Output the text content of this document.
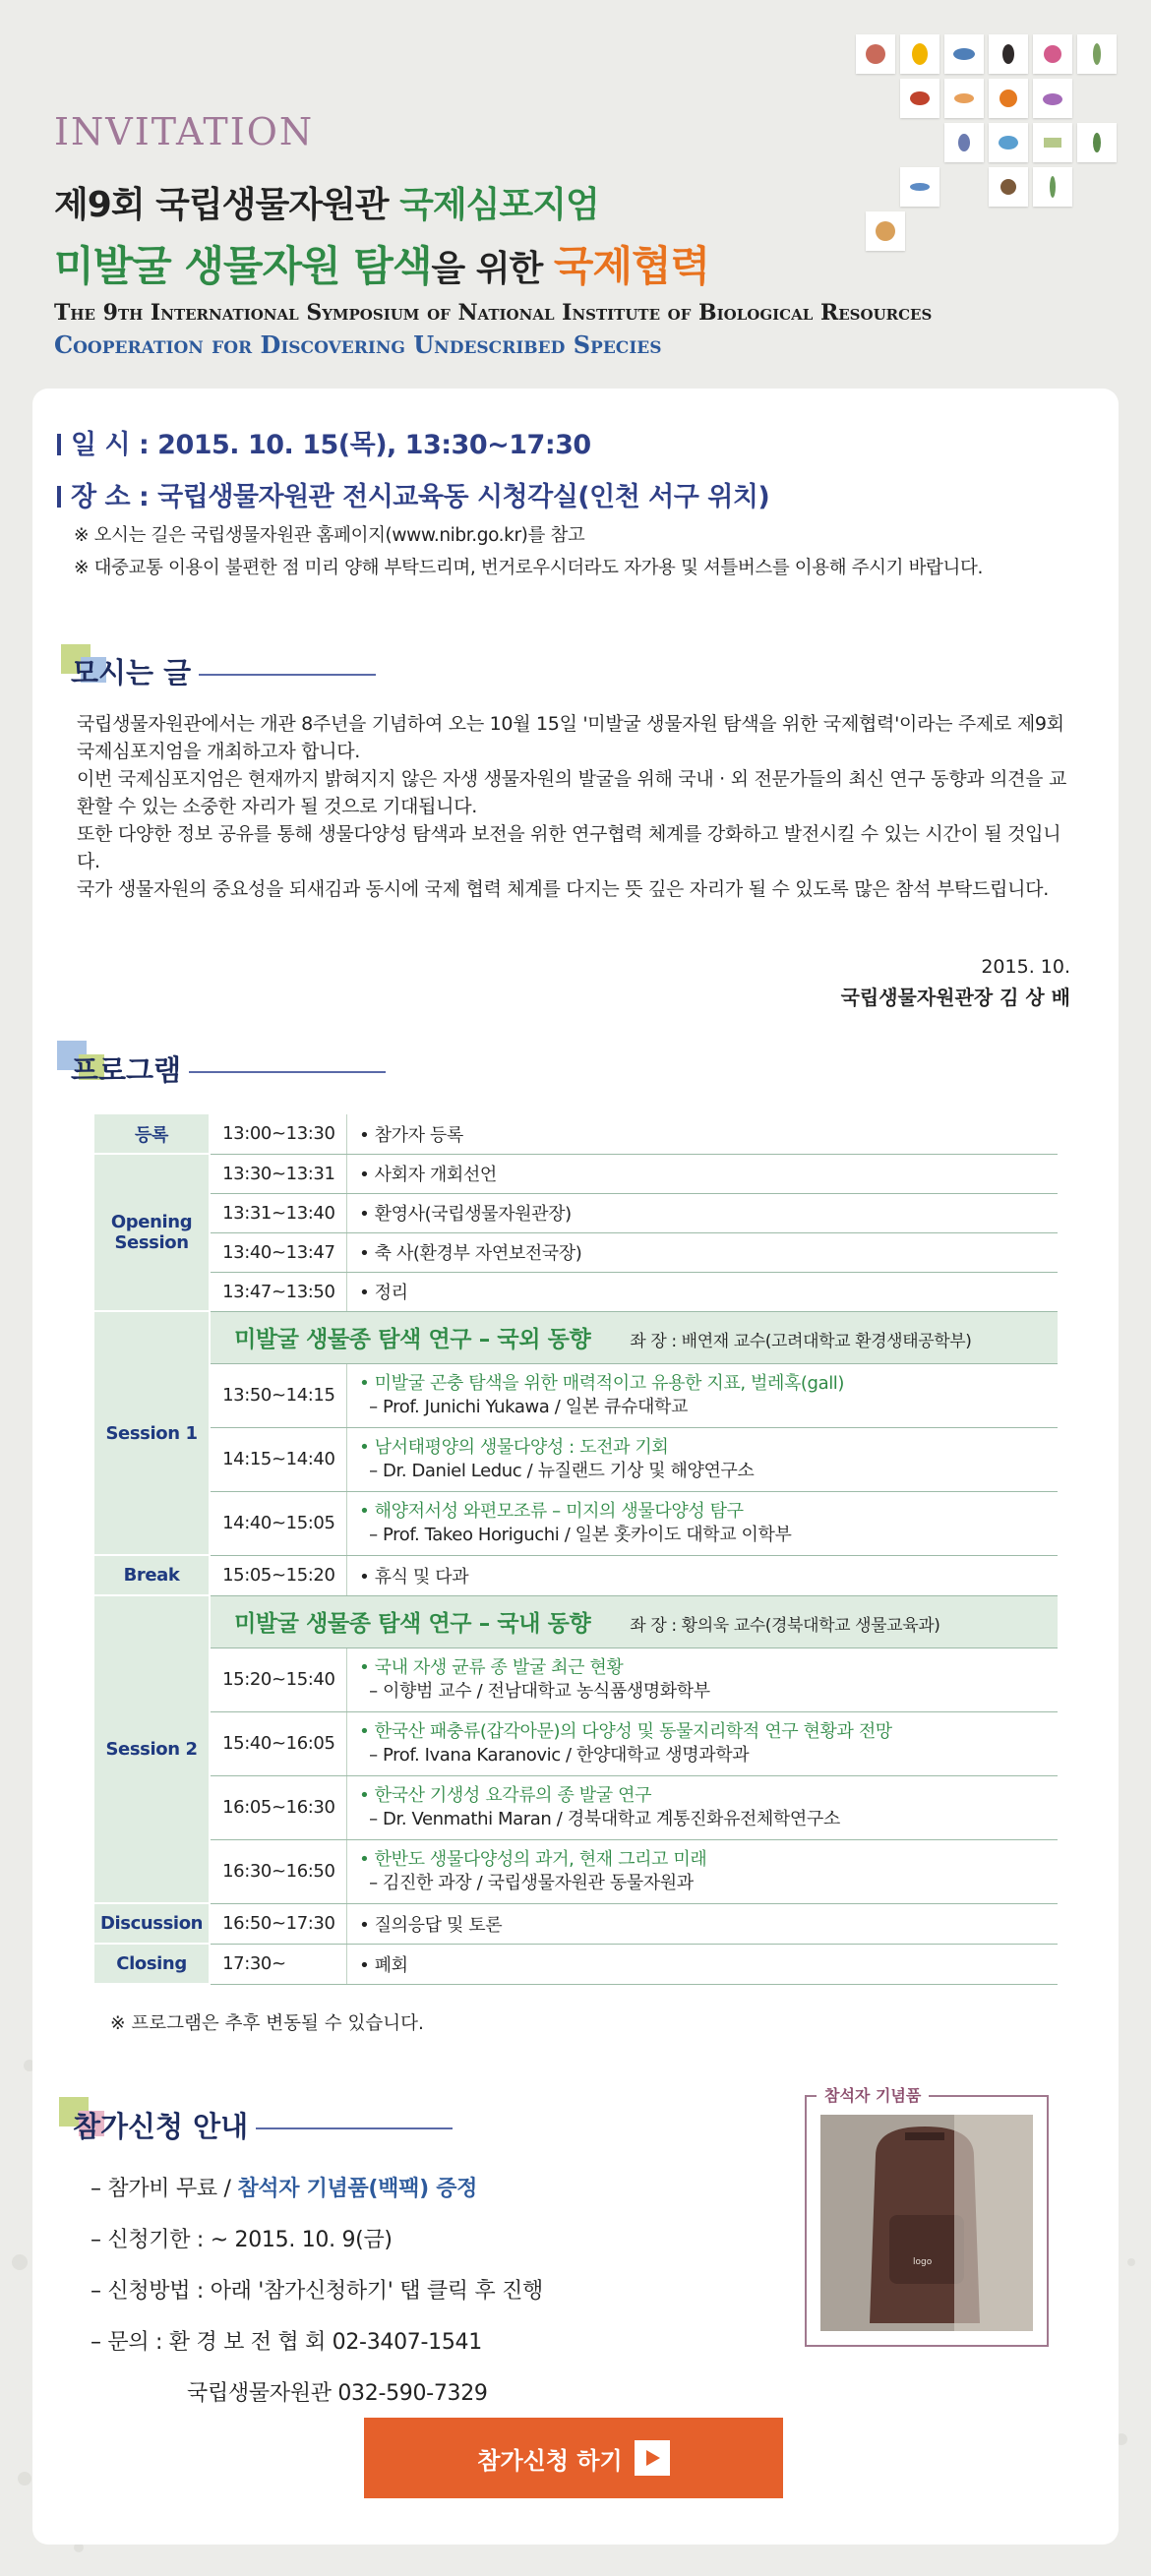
INVITATION
제9회 국립생물자원관 국제심포지엄
미발굴 생물자원 탐색을 위한 국제협력
The 9th International Symposium of National Institute of Biological Resources
Cooperation for Discovering Undescribed Species
일 시 : 2015. 10. 15(목), 13:30~17:30
장 소 : 국립생물자원관 전시교육동 시청각실(인천 서구 위치)
※ 오시는 길은 국립생물자원관 홈페이지(www.nibr.go.kr)를 참고
※ 대중교통 이용이 불편한 점 미리 양해 부탁드리며, 번거로우시더라도 자가용 및 셔틀버스를 이용해 주시기 바랍니다.
모시는 글
국립생물자원관에서는 개관 8주년을 기념하여 오는 10월 15일 '미발굴 생물자원 탐색을 위한 국제협력'이라는 주제로 제9회 국제심포지엄을 개최하고자 합니다.
이번 국제심포지엄은 현재까지 밝혀지지 않은 자생 생물자원의 발굴을 위해 국내 · 외 전문가들의 최신 연구 동향과 의견을 교환할 수 있는 소중한 자리가 될 것으로 기대됩니다.
또한 다양한 정보 공유를 통해 생물다양성 탐색과 보전을 위한 연구협력 체계를 강화하고 발전시킬 수 있는 시간이 될 것입니다.
국가 생물자원의 중요성을 되새김과 동시에 국제 협력 체계를 다지는 뜻 깊은 자리가 될 수 있도록 많은 참석 부탁드립니다.
2015. 10.
국립생물자원관장 김 상 배
프로그램
등록	13:00~13:30	• 참가자 등록
Opening Session	13:30~13:31	• 사회자 개회선언
	13:31~13:40	• 환영사(국립생물자원관장)
	13:40~13:47	• 축 사(환경부 자연보전국장)
	13:47~13:50	• 정리
Session 1	미발굴 생물종 탐색 연구 – 국외 동향 좌 장 : 배연재 교수(고려대학교 환경생태공학부)	
	13:50~14:15	• 미발굴 곤충 탐색을 위한 매력적이고 유용한 지표, 벌레혹(gall)
– Prof. Junichi Yukawa / 일본 큐슈대학교

	14:15~14:40	• 남서태평양의 생물다양성 : 도전과 기회
– Dr. Daniel Leduc / 뉴질랜드 기상 및 해양연구소

	14:40~15:05	• 해양저서성 와편모조류 – 미지의 생물다양성 탐구
– Prof. Takeo Horiguchi / 일본 홋카이도 대학교 이학부

Break	15:05~15:20	• 휴식 및 다과
Session 2	미발굴 생물종 탐색 연구 – 국내 동향 좌 장 : 황의욱 교수(경북대학교 생물교육과)	
	15:20~15:40	• 국내 자생 균류 종 발굴 최근 현황
– 이향범 교수 / 전남대학교 농식품생명화학부

	15:40~16:05	• 한국산 패충류(갑각아문)의 다양성 및 동물지리학적 연구 현황과 전망
– Prof. Ivana Karanovic / 한양대학교 생명과학과

	16:05~16:30	• 한국산 기생성 요각류의 종 발굴 연구
– Dr. Venmathi Maran / 경북대학교 계통진화유전체학연구소

	16:30~16:50	• 한반도 생물다양성의 과거, 현재 그리고 미래
– 김진한 과장 / 국립생물자원관 동물자원과

Discussion	16:50~17:30	• 질의응답 및 토론
Closing	17:30~	• 폐회
※ 프로그램은 추후 변동될 수 있습니다.
참가신청 안내
– 참가비 무료 / 참석자 기념품(백팩) 증정
– 신청기한 : ~ 2015. 10. 9(금)
– 신청방법 : 아래 '참가신청하기' 탭 클릭 후 진행
– 문의 : 환 경 보 전 협 회 02-3407-1541
국립생물자원관 032-590-7329
logo
참석자 기념품
참가신청 하기
